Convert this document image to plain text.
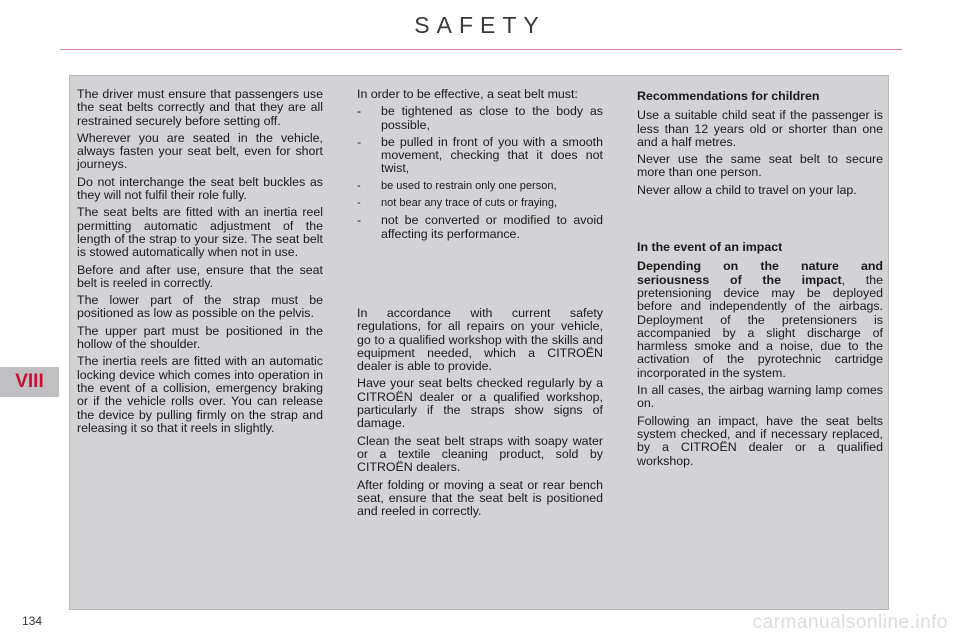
SAFETY
VIII

The driver must ensure that passengers use the seat belts correctly and that they are all restrained securely before setting off.

Wherever you are seated in the vehicle, always fasten your seat belt, even for short journeys.

Do not interchange the seat belt buckles as they will not fulfil their role fully.

The seat belts are fitted with an inertia reel permitting automatic adjustment of the length of the strap to your size. The seat belt is stowed automatically when not in use.

Before and after use, ensure that the seat belt is reeled in correctly.

The lower part of the strap must be positioned as low as possible on the pelvis.

The upper part must be positioned in the hollow of the shoulder.

The inertia reels are fitted with an automatic locking device which comes into operation in the event of a collision, emergency braking or if the vehicle rolls over. You can release the device by pulling firmly on the strap and releasing it so that it reels in slightly.

In order to be effective, a seat belt must:

- be tightened as close to the body as possible,
- be pulled in front of you with a smooth movement, checking that it does not twist,
- be used to restrain only one person,
- not bear any trace of cuts or fraying,
- not be converted or modified to avoid affecting its performance.

In accordance with current safety regulations, for all repairs on your vehicle, go to a qualified workshop with the skills and equipment needed, which a CITROËN dealer is able to provide.

Have your seat belts checked regularly by a CITROËN dealer or a qualified workshop, particularly if the straps show signs of damage.

Clean the seat belt straps with soapy water or a textile cleaning product, sold by CITROËN dealers.

After folding or moving a seat or rear bench seat, ensure that the seat belt is positioned and reeled in correctly.

Recommendations for children

Use a suitable child seat if the passenger is less than 12 years old or shorter than one and a half metres.

Never use the same seat belt to secure more than one person.

Never allow a child to travel on your lap.

In the event of an impact

Depending on the nature and seriousness of the impact, the pretensioning device may be deployed before and independently of the airbags. Deployment of the pretensioners is accompanied by a slight discharge of harmless smoke and a noise, due to the activation of the pyrotechnic cartridge incorporated in the system.

In all cases, the airbag warning lamp comes on.

Following an impact, have the seat belts system checked, and if necessary replaced, by a CITROËN dealer or a qualified workshop.

134	carmanualsonline.info
